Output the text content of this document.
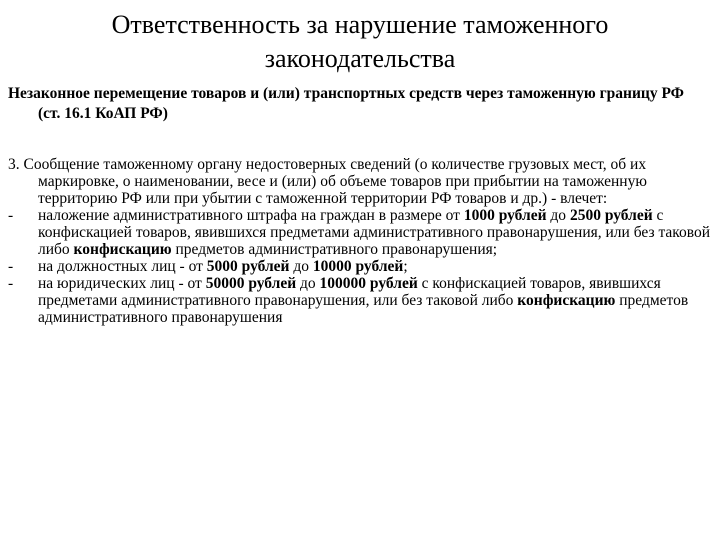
Ответственность за нарушение таможенного
законодательства

Незаконное перемещение товаров и (или) транспортных средств через таможенную границу РФ (ст. 16.1 КоАП РФ)

3. Сообщение таможенному органу недостоверных сведений (о количестве грузовых мест, об их маркировке, о наименовании, весе и (или) об объеме товаров при прибытии на таможенную территорию РФ или при убытии с таможенной территории РФ товаров и др.) - влечет:

- наложение административного штрафа на граждан в размере от 1000 рублей до 2500 рублей с конфискацией товаров, явившихся предметами административного правонарушения, или без таковой либо конфискацию предметов административного правонарушения;
- на должностных лиц - от 5000 рублей до 10000 рублей;
- на юридических лиц - от 50000 рублей до 100000 рублей с конфискацией товаров, явившихся предметами административного правонарушения, или без таковой либо конфискацию предметов административного правонарушения
